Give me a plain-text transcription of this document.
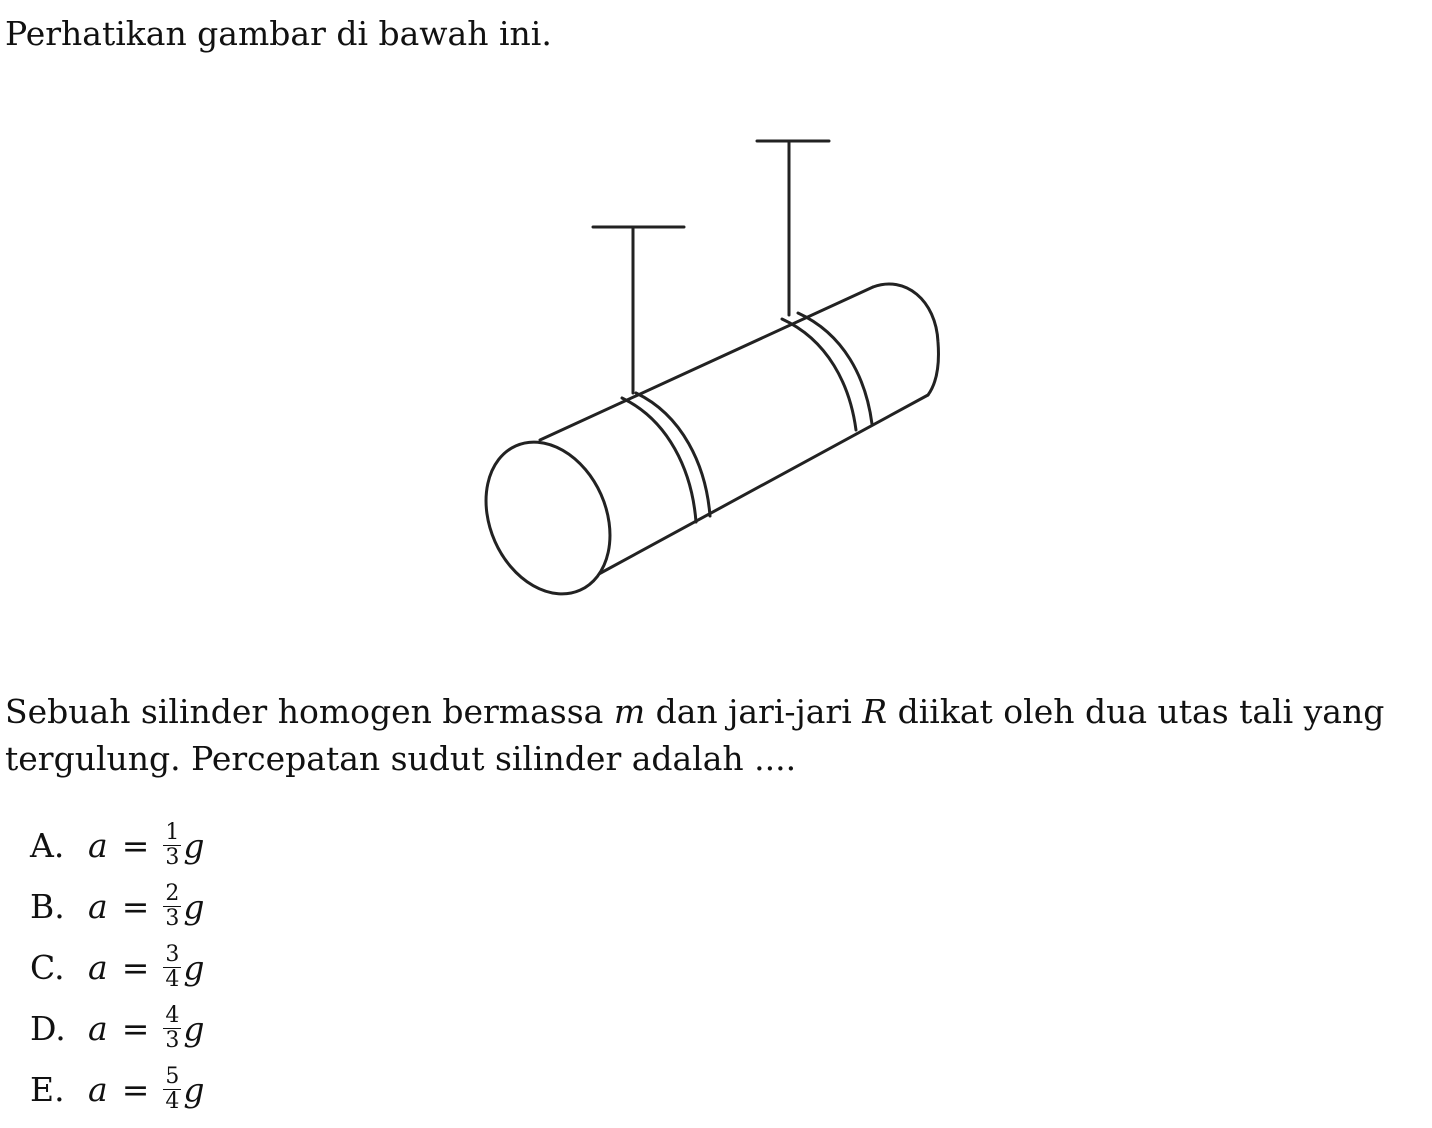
Perhatikan gambar di bawah ini.
Sebuah silinder homogen bermassa m dan jari-jari R diikat oleh dua utas tali yang
tergulung. Percepatan sudut silinder adalah ....
A. $a = \frac{1}{3}$ g
B. $a = \frac{2}{3}$ g
C. $a = \frac{3}{4}$ g
D. $a = \frac{4}{3}$ g
E. $a = \frac{5}{4}$ g
